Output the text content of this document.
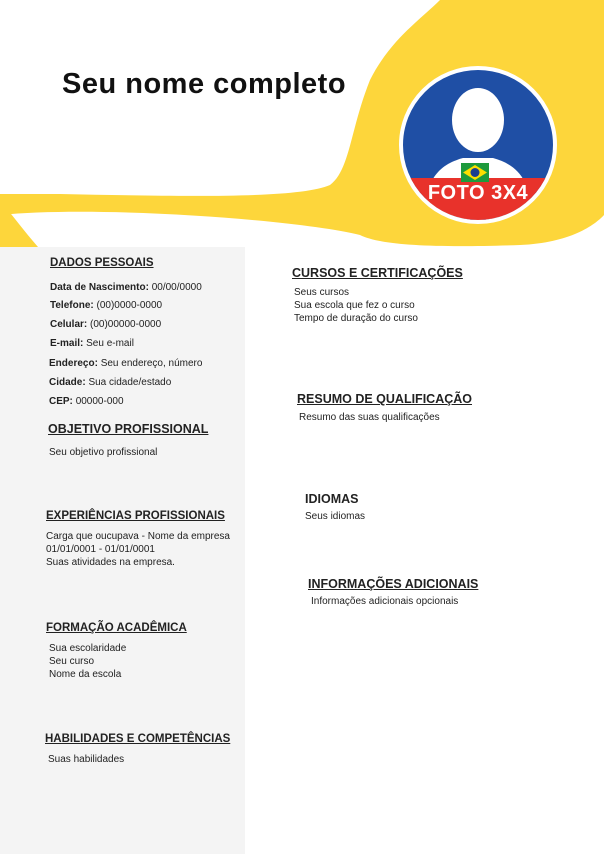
Seu nome completo
FOTO 3X4
DADOS PESSOAIS
Data de Nascimento: 00/00/0000
Telefone: (00)0000-0000
Celular: (00)00000-0000
E-mail: Seu e-mail
Endereço: Seu endereço, número
Cidade: Sua cidade/estado
CEP: 00000-000
OBJETIVO PROFISSIONAL
Seu objetivo profissional
EXPERIÊNCIAS PROFISSIONAIS
Carga que oucupava - Nome da empresa
01/01/0001 - 01/01/0001
Suas atividades na empresa.
FORMAÇÃO ACADÊMICA
Sua escolaridade
Seu curso
Nome da escola
HABILIDADES E COMPETÊNCIAS
Suas habilidades
CURSOS E CERTIFICAÇÕES
Seus cursos
Sua escola que fez o curso
Tempo de duração do curso
RESUMO DE QUALIFICAÇÃO
Resumo das suas qualificações
IDIOMAS
Seus idiomas
INFORMAÇÕES ADICIONAIS
Informações adicionais opcionais
